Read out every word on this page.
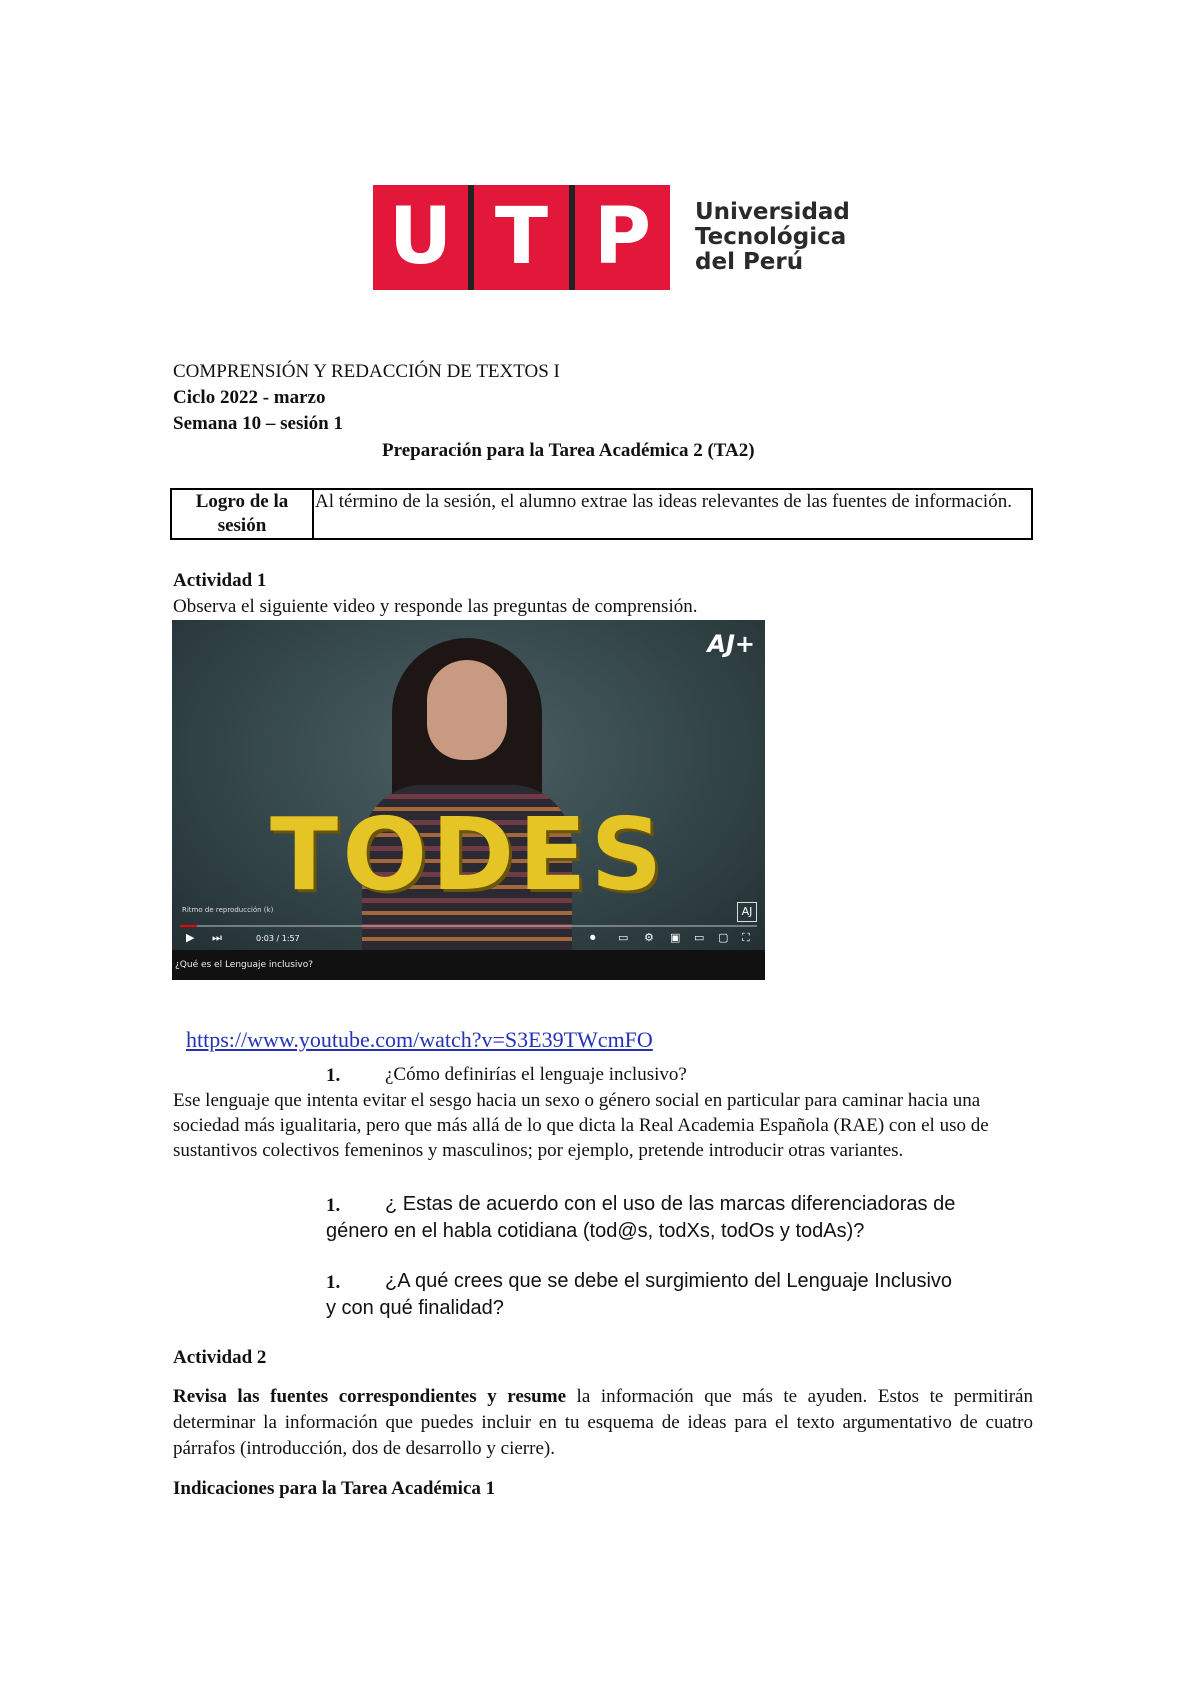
U T P	Universidad
Tecnológica
del Perú
COMPRENSIÓN Y REDACCIÓN DE TEXTOS I
Ciclo 2022 - marzo
Semana 10 – sesión 1
Preparación para la Tarea Académica 2 (TA2)
Logro de la sesión
Al término de la sesión, el alumno extrae las ideas relevantes de las fuentes de información.
Actividad 1
Observa el siguiente video y responde las preguntas de comprensión.
TODES
AJ+
AJ
Ritmo de reproducción (k)
▶ ⏭	0:03 / 1:57	⏺ ▭ ⚙ ▣ ▭ ▢ ⛶
¿Qué es el Lenguaje inclusivo?
https://www.youtube.com/watch?v=S3E39TWcmFO
1. ¿Cómo definirías el lenguaje inclusivo?
Ese lenguaje que intenta evitar el sesgo hacia un sexo o género social en particular para caminar hacia una sociedad más igualitaria, pero que más allá de lo que dicta la Real Academia Española (RAE) con el uso de sustantivos colectivos femeninos y masculinos; por ejemplo, pretende introducir otras variantes.
1. ¿ Estas de acuerdo con el uso de las marcas diferenciadoras de
género en el habla cotidiana (tod@s, todXs, todOs y todAs)?
1. ¿A qué crees que se debe el surgimiento del Lenguaje Inclusivo
y con qué finalidad?
Actividad 2
Revisa las fuentes correspondientes y resume la información que más te ayuden. Estos te permitirán determinar la información que puedes incluir en tu esquema de ideas para el texto argumentativo de cuatro párrafos (introducción, dos de desarrollo y cierre).
Indicaciones para la Tarea Académica 1
